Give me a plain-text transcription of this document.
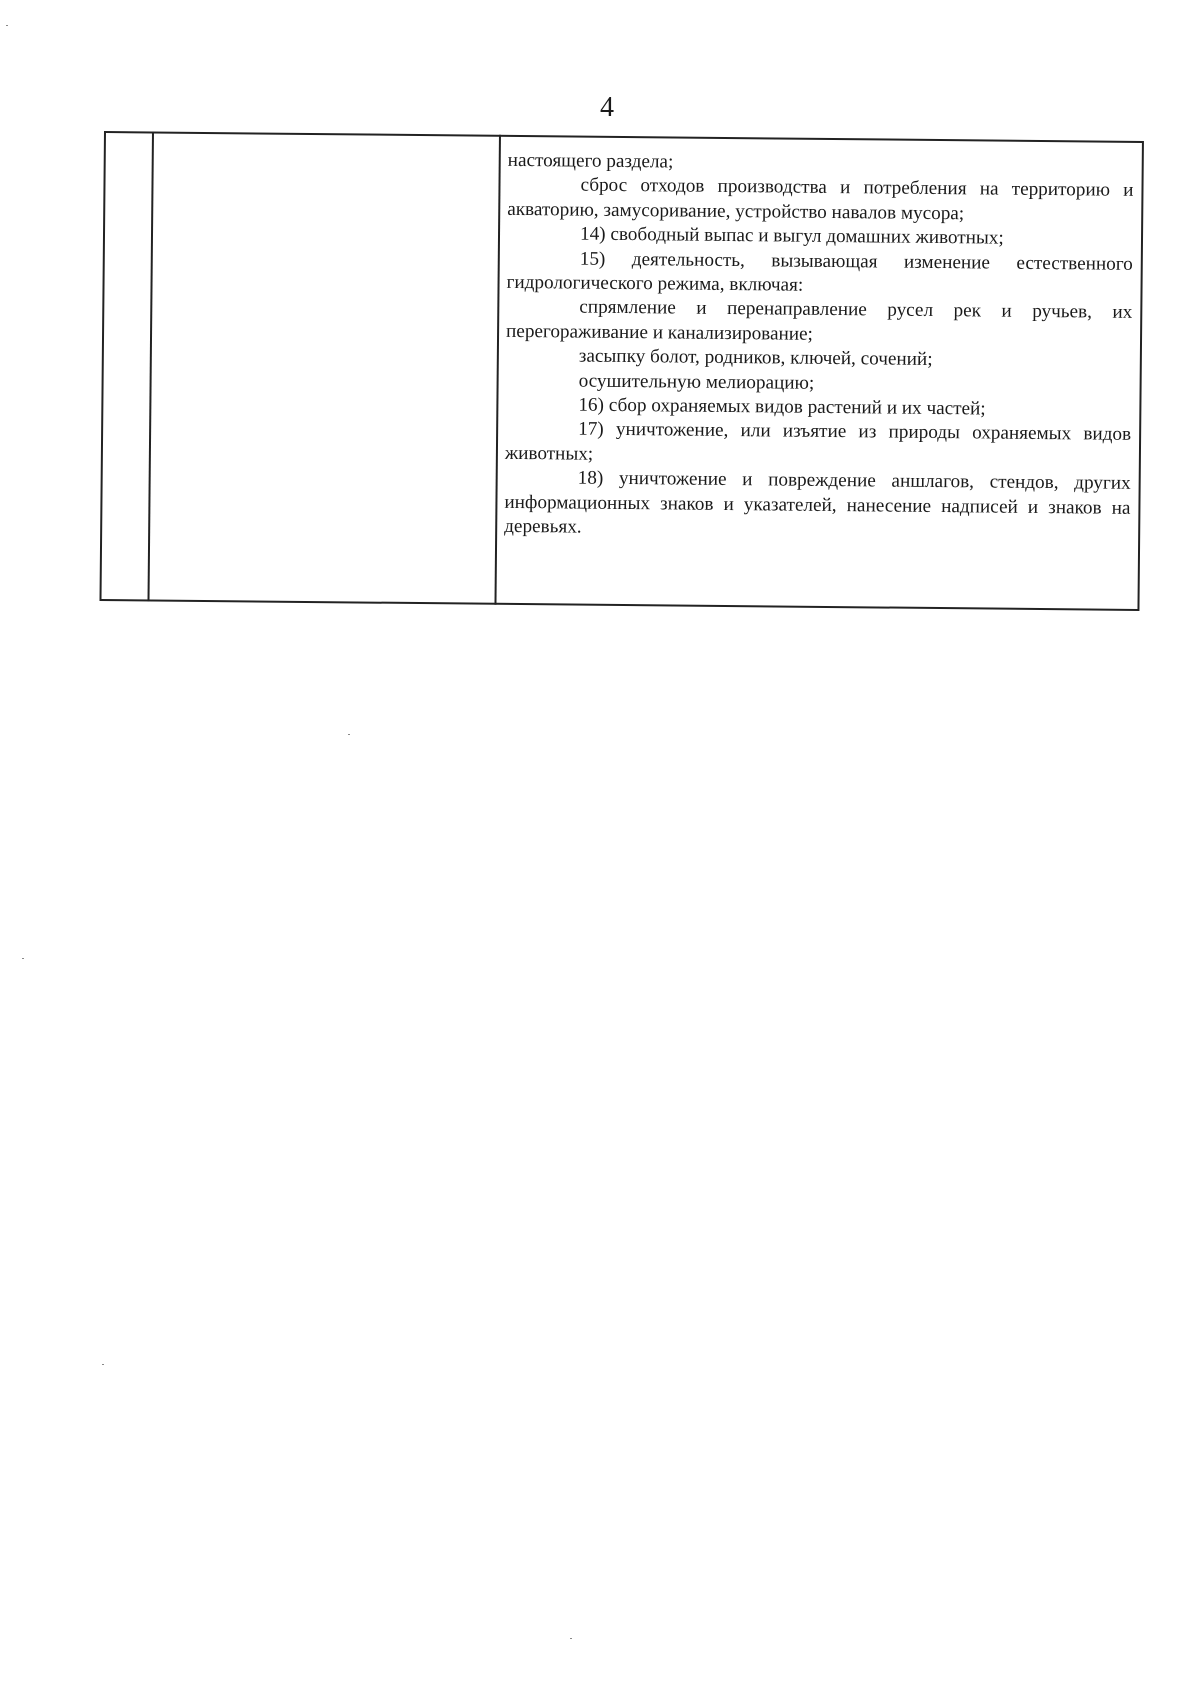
4

настоящего раздела;

сброс отходов производства и потребления на территорию и акваторию, замусоривание, устройство навалов мусора;

14) свободный выпас и выгул домашних животных;

15) деятельность, вызывающая изменение естественного гидрологического режима, включая:

спрямление и перенаправление русел рек и ручьев, их перегораживание и канализирование;

засыпку болот, родников, ключей, сочений;

осушительную мелиорацию;

16) сбор охраняемых видов растений и их частей;

17) уничтожение, или изъятие из природы охраняемых видов животных;

18) уничтожение и повреждение аншлагов, стендов, других информационных знаков и указателей, нанесение надписей и знаков на деревьях.
